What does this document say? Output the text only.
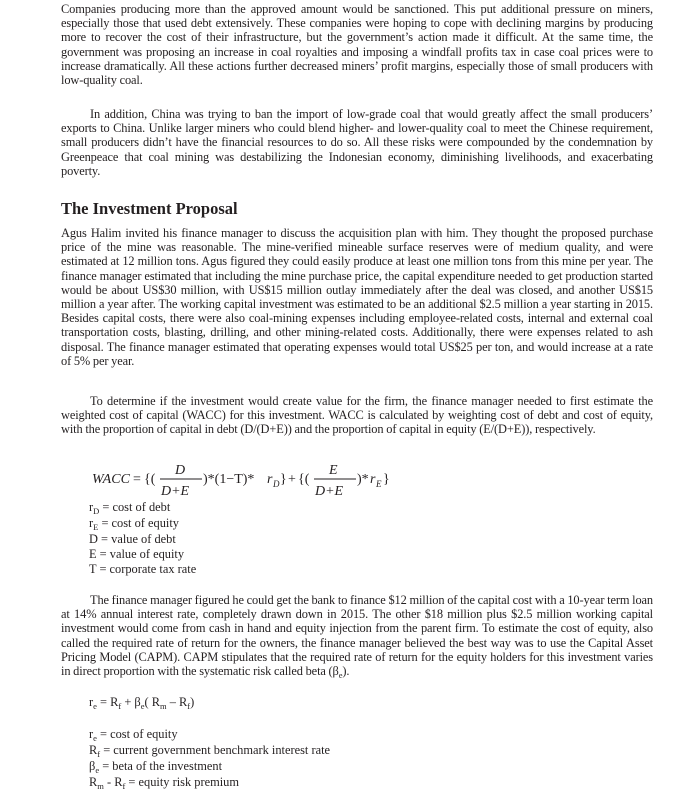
Companies producing more than the approved amount would be sanctioned. This put additional pressure on miners, especially those that used debt extensively. These companies were hoping to cope with declining margins by producing more to recover the cost of their infrastructure, but the government’s action made it difficult. At the same time, the government was proposing an increase in coal royalties and imposing a windfall profits tax in case coal prices were to increase dramatically. All these actions further decreased miners’ profit margins, especially those of small producers with low-quality coal.

In addition, China was trying to ban the import of low-grade coal that would greatly affect the small producers’ exports to China. Unlike larger miners who could blend higher- and lower-quality coal to meet the Chinese requirement, small producers didn’t have the financial resources to do so. All these risks were compounded by the condemnation by Greenpeace that coal mining was destabilizing the Indonesian economy, diminishing livelihoods, and exacerbating poverty.

The Investment Proposal

Agus Halim invited his finance manager to discuss the acquisition plan with him. They thought the proposed purchase price of the mine was reasonable. The mine-verified mineable surface reserves were of medium quality, and were estimated at 12 million tons. Agus figured they could easily produce at least one million tons from this mine per year. The finance manager estimated that including the mine purchase price, the capital expenditure needed to get production started would be about US$30 million, with US$15 million outlay immediately after the deal was closed, and another US$15 million a year after. The working capital investment was estimated to be an additional $2.5 million a year starting in 2015. Besides capital costs, there were also coal-mining expenses including employee-related costs, internal and external coal transportation costs, blasting, drilling, and other mining-related costs. Additionally, there were expenses related to ash disposal. The finance manager estimated that operating expenses would total US$25 per ton, and would increase at a rate of 5% per year.

To determine if the investment would create value for the firm, the finance manager needed to first estimate the weighted cost of capital (WACC) for this investment. WACC is calculated by weighting cost of debt and cost of equity, with the proportion of capital in debt (D/(D+E)) and the proportion of capital in equity (E/(D+E)), respectively.

WACC = {(
D
D+E
)*(1−T)* r D } + {(
E
D+E
)* r E }
$r_D = \cos t$ of debt
$r_E = \cos t$ of equity
D = value of debt
E = value of equity
T = corporate tax rate

The finance manager figured he could get the bank to finance $12 million of the capital cost with a 10-year term loan at 14% annual interest rate, completely drawn down in 2015. The other $18 million plus $2.5 million working capital investment would come from cash in hand and equity injection from the parent firm. To estimate the cost of equity, also called the required rate of return for the owners, the finance manager believed the best way was to use the Capital Asset Pricing Model (CAPM). CAPM stipulates that the required rate of return for the equity holders for this investment varies in direct proportion with the systematic risk called beta $(\beta_e)$.

$r_e = R_f + \beta_e$( $R_m - R_f$)
$r_e = \cos t$ of equity
$R_f$ = current government benchmark interest rate
$\beta_e$ = beta of the investment
$R_m - R_f$ = equity risk premium
